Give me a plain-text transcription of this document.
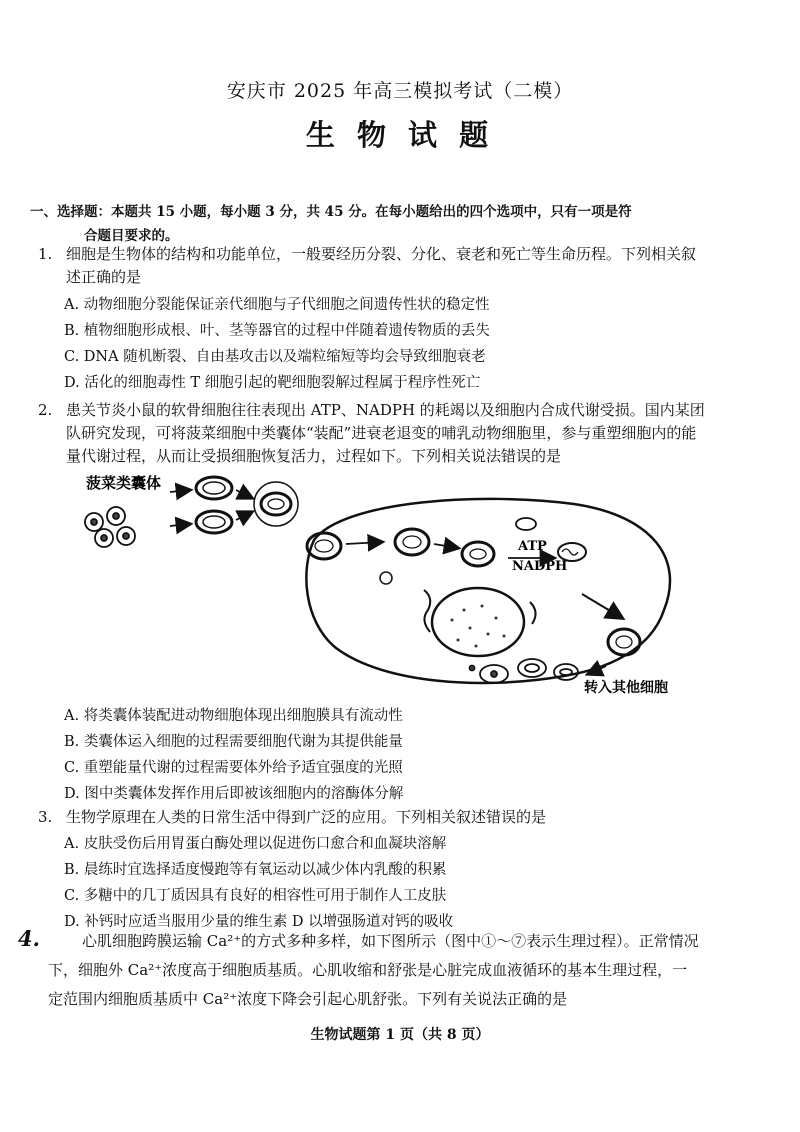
安庆市 2025 年高三模拟考试（二模）
生 物 试 题
一、选择题：本题共 15 小题，每小题 3 分，共 45 分。在每小题给出的四个选项中，只有一项是符
合题目要求的。
1. 细胞是生物体的结构和功能单位，一般要经历分裂、分化、衰老和死亡等生命历程。下列相关叙
述正确的是
A. 动物细胞分裂能保证亲代细胞与子代细胞之间遗传性状的稳定性
B. 植物细胞形成根、叶、茎等器官的过程中伴随着遗传物质的丢失
C. DNA 随机断裂、自由基攻击以及端粒缩短等均会导致细胞衰老
D. 活化的细胞毒性 T 细胞引起的靶细胞裂解过程属于程序性死亡
2. 患关节炎小鼠的软骨细胞往往表现出 ATP、NADPH 的耗竭以及细胞内合成代谢受损。国内某团
队研究发现，可将菠菜细胞中类囊体“装配”进衰老退变的哺乳动物细胞里，参与重塑细胞内的能
量代谢过程，从而让受损细胞恢复活力，过程如下。下列相关说法错误的是
菠菜类囊体
ATP
NADPH
转入其他细胞
A. 将类囊体装配进动物细胞体现出细胞膜具有流动性
B. 类囊体运入细胞的过程需要细胞代谢为其提供能量
C. 重塑能量代谢的过程需要体外给予适宜强度的光照
D. 图中类囊体发挥作用后即被该细胞内的溶酶体分解
3. 生物学原理在人类的日常生活中得到广泛的应用。下列相关叙述错误的是
A. 皮肤受伤后用胃蛋白酶处理以促进伤口愈合和血凝块溶解
B. 晨练时宜选择适度慢跑等有氧运动以减少体内乳酸的积累
C. 多糖中的几丁质因具有良好的相容性可用于制作人工皮肤
D. 补钙时应适当服用少量的维生素 D 以增强肠道对钙的吸收
4.	心肌细胞跨膜运输 Ca²⁺的方式多种多样，如下图所示（图中①～⑦表示生理过程）。正常情况
下，细胞外 Ca²⁺浓度高于细胞质基质。心肌收缩和舒张是心脏完成血液循环的基本生理过程，一
定范围内细胞质基质中 Ca²⁺浓度下降会引起心肌舒张。下列有关说法正确的是
生物试题第 1 页（共 8 页）
